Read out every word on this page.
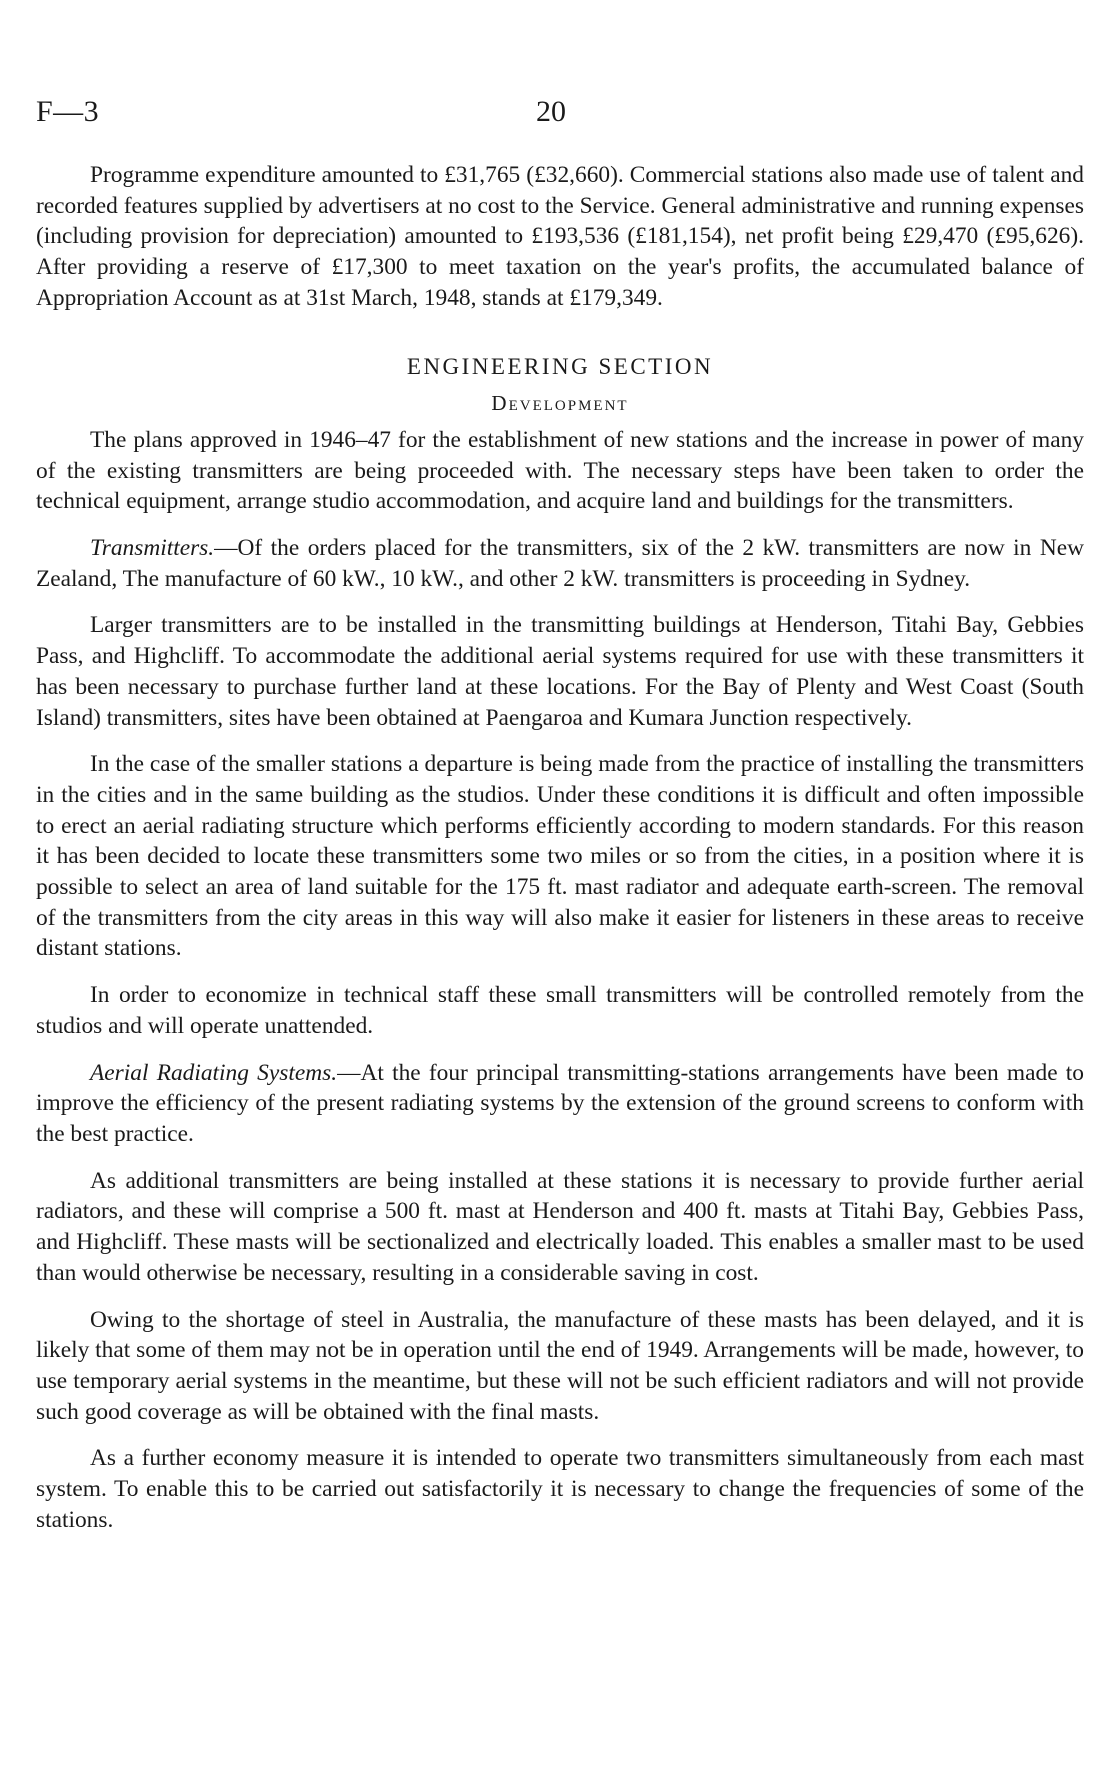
F—3	20

Programme expenditure amounted to £31,765 (£32,660). Commercial stations also made use of talent and recorded features supplied by advertisers at no cost to the Service. General administrative and running expenses (including provision for depreciation) amounted to £193,536 (£181,154), net profit being £29,470 (£95,626). After providing a reserve of £17,300 to meet taxation on the year's profits, the accumulated balance of Appropriation Account as at 31st March, 1948, stands at £179,349.

ENGINEERING SECTION
Development

The plans approved in 1946–47 for the establishment of new stations and the increase in power of many of the existing transmitters are being proceeded with. The necessary steps have been taken to order the technical equipment, arrange studio accommodation, and acquire land and buildings for the transmitters.

Transmitters.—Of the orders placed for the transmitters, six of the 2 kW. transmitters are now in New Zealand, The manufacture of 60 kW., 10 kW., and other 2 kW. transmitters is proceeding in Sydney.

Larger transmitters are to be installed in the transmitting buildings at Henderson, Titahi Bay, Gebbies Pass, and Highcliff. To accommodate the additional aerial systems required for use with these transmitters it has been necessary to purchase further land at these locations. For the Bay of Plenty and West Coast (South Island) transmitters, sites have been obtained at Paengaroa and Kumara Junction respectively.

In the case of the smaller stations a departure is being made from the practice of installing the transmitters in the cities and in the same building as the studios. Under these conditions it is difficult and often impossible to erect an aerial radiating structure which performs efficiently according to modern standards. For this reason it has been decided to locate these transmitters some two miles or so from the cities, in a position where it is possible to select an area of land suitable for the 175 ft. mast radiator and adequate earth-screen. The removal of the transmitters from the city areas in this way will also make it easier for listeners in these areas to receive distant stations.

In order to economize in technical staff these small transmitters will be controlled remotely from the studios and will operate unattended.

Aerial Radiating Systems.—At the four principal transmitting-stations arrangements have been made to improve the efficiency of the present radiating systems by the extension of the ground screens to conform with the best practice.

As additional transmitters are being installed at these stations it is necessary to provide further aerial radiators, and these will comprise a 500 ft. mast at Henderson and 400 ft. masts at Titahi Bay, Gebbies Pass, and Highcliff. These masts will be sectionalized and electrically loaded. This enables a smaller mast to be used than would otherwise be necessary, resulting in a considerable saving in cost.

Owing to the shortage of steel in Australia, the manufacture of these masts has been delayed, and it is likely that some of them may not be in operation until the end of 1949. Arrangements will be made, however, to use temporary aerial systems in the meantime, but these will not be such efficient radiators and will not provide such good coverage as will be obtained with the final masts.

As a further economy measure it is intended to operate two transmitters simultaneously from each mast system. To enable this to be carried out satisfactorily it is necessary to change the frequencies of some of the stations.
